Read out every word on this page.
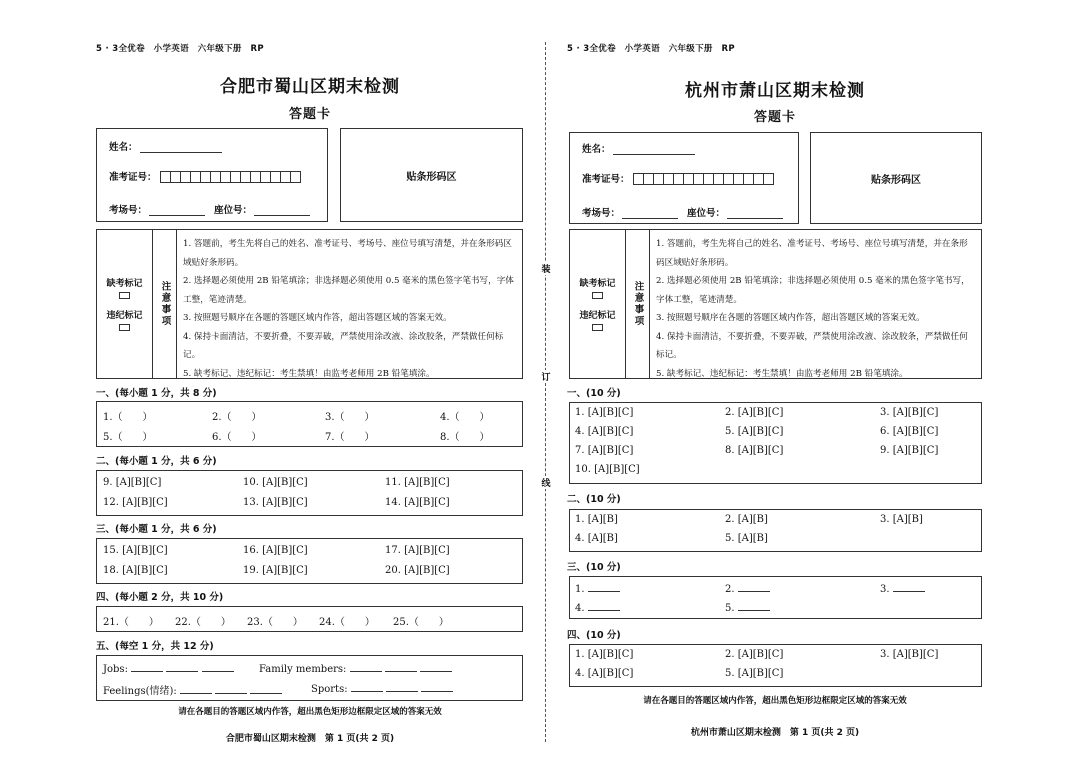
5 · 3全优卷　小学英语　六年级下册　RP
合肥市蜀山区期末检测
答题卡
姓名：
准考证号：
考场号：	座位号：
贴条形码区
缺考标记
违纪标记	注意事项
1. 答题前，考生先将自己的姓名、准考证号、考场号、座位号填写清楚，并在条形码区域贴好条形码。
2. 选择题必须使用 2B 铅笔填涂；非选择题必须使用 0.5 毫米的黑色签字笔书写，字体工整，笔迹清楚。
3. 按照题号顺序在各题的答题区域内作答，超出答题区域的答案无效。
4. 保持卡面清洁，不要折叠，不要弄破，严禁使用涂改液、涂改胶条，严禁做任何标记。
5. 缺考标记、违纪标记：考生禁填！由监考老师用 2B 铅笔填涂。
一、(每小题 1 分，共 8 分)
1.（　　）	2.（　　）	3.（　　）	4.（　　）
5.（　　）	6.（　　）	7.（　　）	8.（　　）
二、(每小题 1 分，共 6 分)
9. [A][B][C]	10. [A][B][C]	11. [A][B][C]
12. [A][B][C]	13. [A][B][C]	14. [A][B][C]
三、(每小题 1 分，共 6 分)
15. [A][B][C]	16. [A][B][C]	17. [A][B][C]
18. [A][B][C]	19. [A][B][C]	20. [A][B][C]
四、(每小题 2 分，共 10 分)
21.（　　） 22.（　　） 23.（　　） 24.（　　） 25.（　　）
五、(每空 1 分，共 12 分)
Jobs:	Family members:
Feelings(情绪):	Sports:
请在各题目的答题区域内作答，超出黑色矩形边框限定区域的答案无效
合肥市蜀山区期末检测　第 1 页(共 2 页)
装
订
线
5 · 3全优卷　小学英语　六年级下册　RP
杭州市萧山区期末检测
答题卡
姓名：
准考证号：
考场号：	座位号：
贴条形码区
缺考标记
违纪标记	注意事项
1. 答题前，考生先将自己的姓名、准考证号、考场号、座位号填写清楚，并在条形码区域贴好条形码。
2. 选择题必须使用 2B 铅笔填涂；非选择题必须使用 0.5 毫米的黑色签字笔书写，字体工整，笔迹清楚。
3. 按照题号顺序在各题的答题区域内作答，超出答题区域的答案无效。
4. 保持卡面清洁，不要折叠，不要弄破，严禁使用涂改液、涂改胶条，严禁做任何标记。
5. 缺考标记、违纪标记：考生禁填！由监考老师用 2B 铅笔填涂。
一、(10 分)
1. [A][B][C]	2. [A][B][C]	3. [A][B][C]
4. [A][B][C]	5. [A][B][C]	6. [A][B][C]
7. [A][B][C]	8. [A][B][C]	9. [A][B][C]
10. [A][B][C]
二、(10 分)
1. [A][B]	2. [A][B]	3. [A][B]
4. [A][B]	5. [A][B]
三、(10 分)
1.	2.	3.
4.	5.
四、(10 分)
1. [A][B][C]	2. [A][B][C]	3. [A][B][C]
4. [A][B][C]	5. [A][B][C]
请在各题目的答题区域内作答，超出黑色矩形边框限定区域的答案无效
杭州市萧山区期末检测　第 1 页(共 2 页)
